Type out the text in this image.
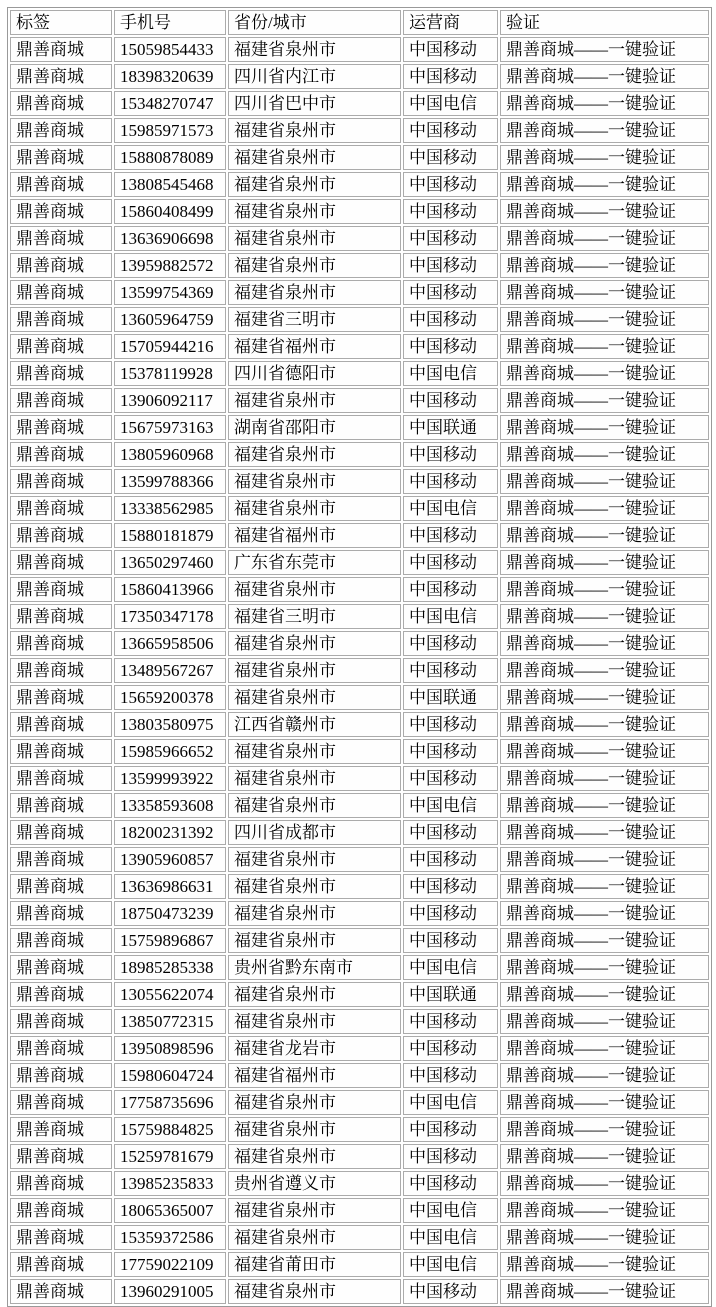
标签	手机号	省份/城市	运营商	验证
鼎善商城	15059854433	福建省泉州市	中国移动	鼎善商城——一键验证
鼎善商城	18398320639	四川省内江市	中国移动	鼎善商城——一键验证
鼎善商城	15348270747	四川省巴中市	中国电信	鼎善商城——一键验证
鼎善商城	15985971573	福建省泉州市	中国移动	鼎善商城——一键验证
鼎善商城	15880878089	福建省泉州市	中国移动	鼎善商城——一键验证
鼎善商城	13808545468	福建省泉州市	中国移动	鼎善商城——一键验证
鼎善商城	15860408499	福建省泉州市	中国移动	鼎善商城——一键验证
鼎善商城	13636906698	福建省泉州市	中国移动	鼎善商城——一键验证
鼎善商城	13959882572	福建省泉州市	中国移动	鼎善商城——一键验证
鼎善商城	13599754369	福建省泉州市	中国移动	鼎善商城——一键验证
鼎善商城	13605964759	福建省三明市	中国移动	鼎善商城——一键验证
鼎善商城	15705944216	福建省福州市	中国移动	鼎善商城——一键验证
鼎善商城	15378119928	四川省德阳市	中国电信	鼎善商城——一键验证
鼎善商城	13906092117	福建省泉州市	中国移动	鼎善商城——一键验证
鼎善商城	15675973163	湖南省邵阳市	中国联通	鼎善商城——一键验证
鼎善商城	13805960968	福建省泉州市	中国移动	鼎善商城——一键验证
鼎善商城	13599788366	福建省泉州市	中国移动	鼎善商城——一键验证
鼎善商城	13338562985	福建省泉州市	中国电信	鼎善商城——一键验证
鼎善商城	15880181879	福建省福州市	中国移动	鼎善商城——一键验证
鼎善商城	13650297460	广东省东莞市	中国移动	鼎善商城——一键验证
鼎善商城	15860413966	福建省泉州市	中国移动	鼎善商城——一键验证
鼎善商城	17350347178	福建省三明市	中国电信	鼎善商城——一键验证
鼎善商城	13665958506	福建省泉州市	中国移动	鼎善商城——一键验证
鼎善商城	13489567267	福建省泉州市	中国移动	鼎善商城——一键验证
鼎善商城	15659200378	福建省泉州市	中国联通	鼎善商城——一键验证
鼎善商城	13803580975	江西省赣州市	中国移动	鼎善商城——一键验证
鼎善商城	15985966652	福建省泉州市	中国移动	鼎善商城——一键验证
鼎善商城	13599993922	福建省泉州市	中国移动	鼎善商城——一键验证
鼎善商城	13358593608	福建省泉州市	中国电信	鼎善商城——一键验证
鼎善商城	18200231392	四川省成都市	中国移动	鼎善商城——一键验证
鼎善商城	13905960857	福建省泉州市	中国移动	鼎善商城——一键验证
鼎善商城	13636986631	福建省泉州市	中国移动	鼎善商城——一键验证
鼎善商城	18750473239	福建省泉州市	中国移动	鼎善商城——一键验证
鼎善商城	15759896867	福建省泉州市	中国移动	鼎善商城——一键验证
鼎善商城	18985285338	贵州省黔东南市	中国电信	鼎善商城——一键验证
鼎善商城	13055622074	福建省泉州市	中国联通	鼎善商城——一键验证
鼎善商城	13850772315	福建省泉州市	中国移动	鼎善商城——一键验证
鼎善商城	13950898596	福建省龙岩市	中国移动	鼎善商城——一键验证
鼎善商城	15980604724	福建省福州市	中国移动	鼎善商城——一键验证
鼎善商城	17758735696	福建省泉州市	中国电信	鼎善商城——一键验证
鼎善商城	15759884825	福建省泉州市	中国移动	鼎善商城——一键验证
鼎善商城	15259781679	福建省泉州市	中国移动	鼎善商城——一键验证
鼎善商城	13985235833	贵州省遵义市	中国移动	鼎善商城——一键验证
鼎善商城	18065365007	福建省泉州市	中国电信	鼎善商城——一键验证
鼎善商城	15359372586	福建省泉州市	中国电信	鼎善商城——一键验证
鼎善商城	17759022109	福建省莆田市	中国电信	鼎善商城——一键验证
鼎善商城	13960291005	福建省泉州市	中国移动	鼎善商城——一键验证
